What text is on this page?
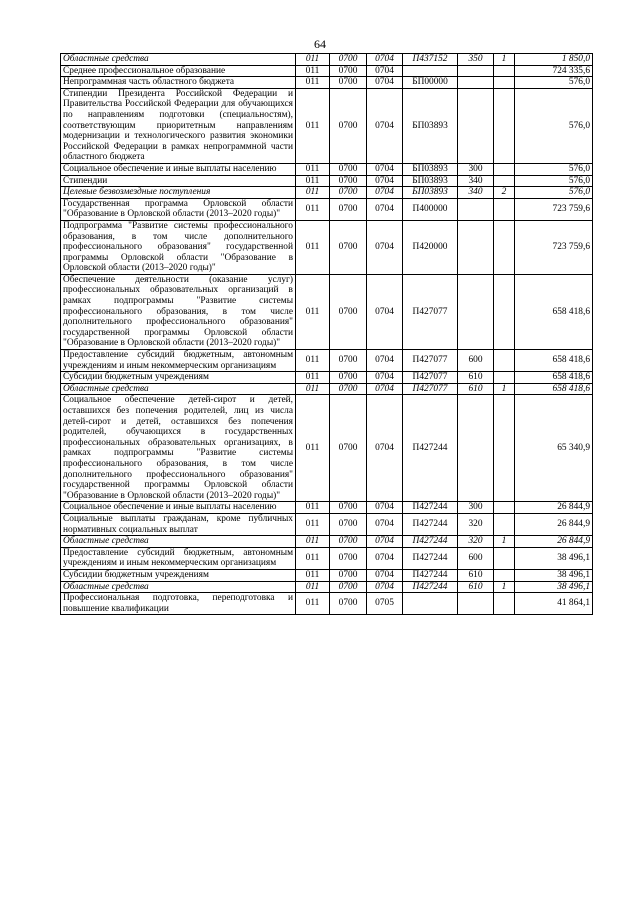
64
Областные средства	011	0700	0704	П437152	350	1	1 850,0
Среднее профессиональное образование	011	0700	0704				724 335,6
Непрограммная часть областного бюджета	011	0700	0704	БП00000			576,0
Стипендии Президента Российской Федерации и Правительства Российской Федерации для обучающихся по направлениям подготовки (специальностям), соответствующим приоритетным направлениям модернизации и технологического развития экономики Российской Федерации в рамках непрограммной части областного бюджета	011	0700	0704	БП03893			576,0
Социальное обеспечение и иные выплаты населению	011	0700	0704	БП03893	300		576,0
Стипендии	011	0700	0704	БП03893	340		576,0
Целевые безвозмездные поступления	011	0700	0704	БП03893	340	2	576,0
Государственная программа Орловской области "Образование в Орловской области (2013–2020 годы)"	011	0700	0704	П400000			723 759,6
Подпрограмма "Развитие системы профессионального образования, в том числе дополнительного профессионального образования" государственной программы Орловской области "Образование в Орловской области (2013–2020 годы)"	011	0700	0704	П420000			723 759,6
Обеспечение деятельности (оказание услуг) профессиональных образовательных организаций в рамках подпрограммы "Развитие системы профессионального образования, в том числе дополнительного профессионального образования" государственной программы Орловской области "Образование в Орловской области (2013–2020 годы)"	011	0700	0704	П427077			658 418,6
Предоставление субсидий бюджетным, автономным учреждениям и иным некоммерческим организациям	011	0700	0704	П427077	600		658 418,6
Субсидии бюджетным учреждениям	011	0700	0704	П427077	610		658 418,6
Областные средства	011	0700	0704	П427077	610	1	658 418,6
Социальное обеспечение детей-сирот и детей, оставшихся без попечения родителей, лиц из числа детей-сирот и детей, оставшихся без попечения родителей, обучающихся в государственных профессиональных образовательных организациях, в рамках подпрограммы "Развитие системы профессионального образования, в том числе дополнительного профессионального образования" государственной программы Орловской области "Образование в Орловской области (2013–2020 годы)"	011	0700	0704	П427244			65 340,9
Социальное обеспечение и иные выплаты населению	011	0700	0704	П427244	300		26 844,9
Социальные выплаты гражданам, кроме публичных нормативных социальных выплат	011	0700	0704	П427244	320		26 844,9
Областные средства	011	0700	0704	П427244	320	1	26 844,9
Предоставление субсидий бюджетным, автономным учреждениям и иным некоммерческим организациям	011	0700	0704	П427244	600		38 496,1
Субсидии бюджетным учреждениям	011	0700	0704	П427244	610		38 496,1
Областные средства	011	0700	0704	П427244	610	1	38 496,1
Профессиональная подготовка, переподготовка и повышение квалификации	011	0700	0705				41 864,1
